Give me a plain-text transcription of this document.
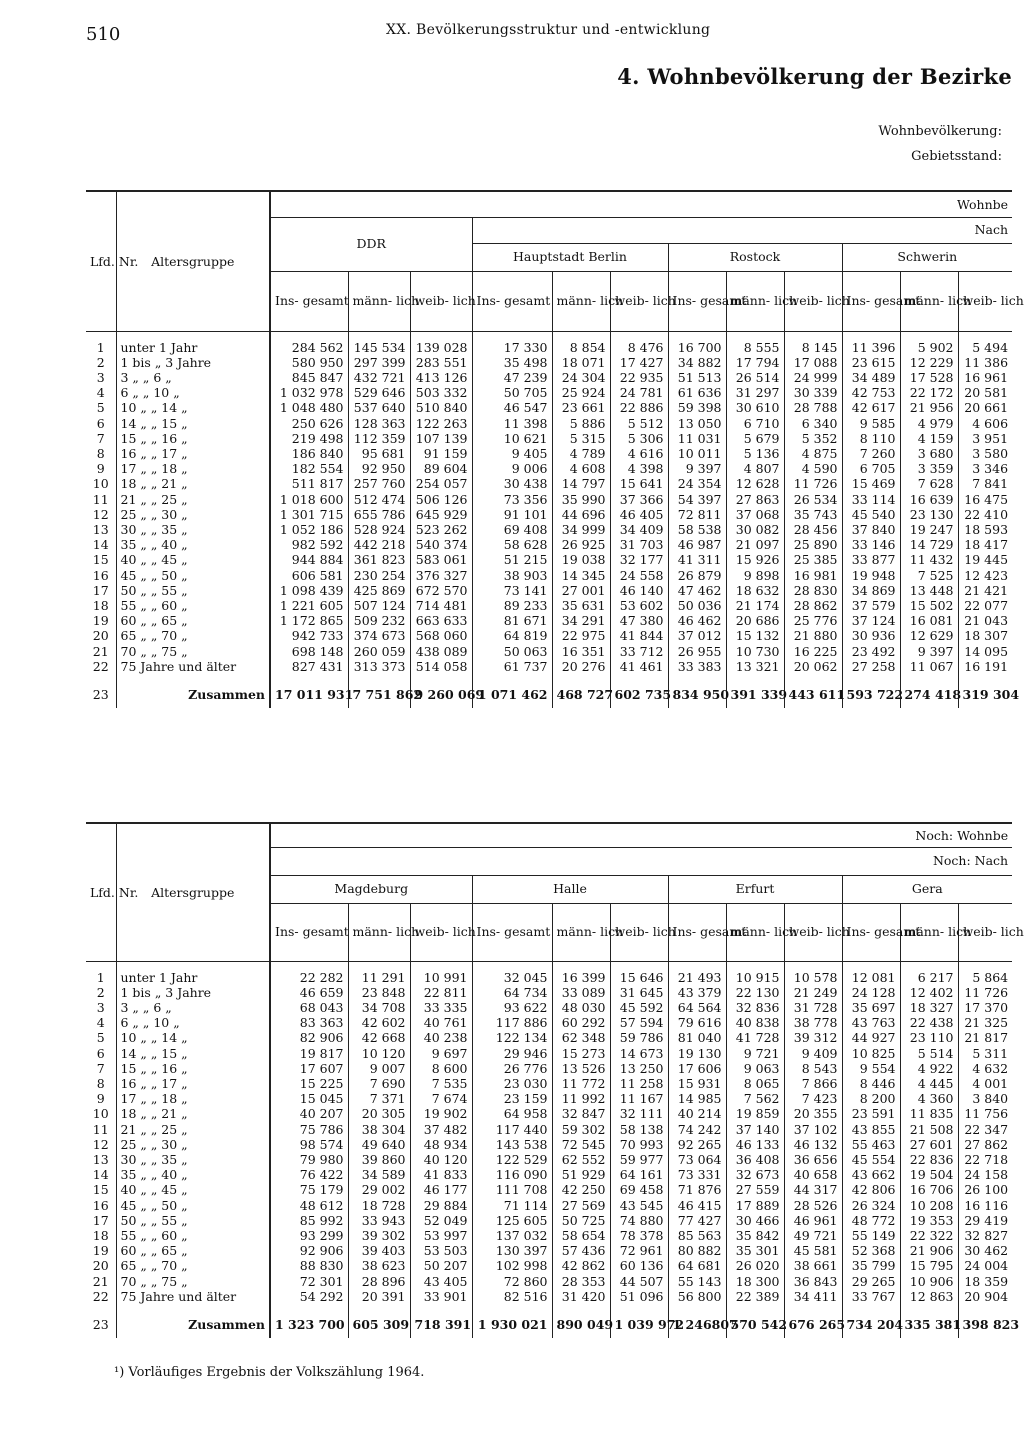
510	XX. Bevölkerungsstruktur und -entwicklung
4. Wohnbevölkerung der Bezirke
Wohnbevölkerung:
Gebietsstand:
Lfd. Nr.	Altersgruppe	Wohnbe											
		DDR			Nach								
					Hauptstadt Berlin			Rostock			Schwerin		
		Ins- gesamt	männ- lich	weib- lich	Ins- gesamt	männ- lich	weib- lich	Ins- gesamt	männ- lich	weib- lich	Ins- gesamt	männ- lich	weib- lich

1	unter 1 Jahr	284 562	145 534	139 028	17 330	8 854	8 476	16 700	8 555	8 145	11 396	5 902	5 494
2	1 bis „ 3 Jahre	580 950	297 399	283 551	35 498	18 071	17 427	34 882	17 794	17 088	23 615	12 229	11 386
3	3 „ „ 6 „	845 847	432 721	413 126	47 239	24 304	22 935	51 513	26 514	24 999	34 489	17 528	16 961
4	6 „ „ 10 „	1 032 978	529 646	503 332	50 705	25 924	24 781	61 636	31 297	30 339	42 753	22 172	20 581
5	10 „ „ 14 „	1 048 480	537 640	510 840	46 547	23 661	22 886	59 398	30 610	28 788	42 617	21 956	20 661
6	14 „ „ 15 „	250 626	128 363	122 263	11 398	5 886	5 512	13 050	6 710	6 340	9 585	4 979	4 606
7	15 „ „ 16 „	219 498	112 359	107 139	10 621	5 315	5 306	11 031	5 679	5 352	8 110	4 159	3 951
8	16 „ „ 17 „	186 840	95 681	91 159	9 405	4 789	4 616	10 011	5 136	4 875	7 260	3 680	3 580
9	17 „ „ 18 „	182 554	92 950	89 604	9 006	4 608	4 398	9 397	4 807	4 590	6 705	3 359	3 346
10	18 „ „ 21 „	511 817	257 760	254 057	30 438	14 797	15 641	24 354	12 628	11 726	15 469	7 628	7 841
11	21 „ „ 25 „	1 018 600	512 474	506 126	73 356	35 990	37 366	54 397	27 863	26 534	33 114	16 639	16 475
12	25 „ „ 30 „	1 301 715	655 786	645 929	91 101	44 696	46 405	72 811	37 068	35 743	45 540	23 130	22 410
13	30 „ „ 35 „	1 052 186	528 924	523 262	69 408	34 999	34 409	58 538	30 082	28 456	37 840	19 247	18 593
14	35 „ „ 40 „	982 592	442 218	540 374	58 628	26 925	31 703	46 987	21 097	25 890	33 146	14 729	18 417
15	40 „ „ 45 „	944 884	361 823	583 061	51 215	19 038	32 177	41 311	15 926	25 385	33 877	11 432	19 445
16	45 „ „ 50 „	606 581	230 254	376 327	38 903	14 345	24 558	26 879	9 898	16 981	19 948	7 525	12 423
17	50 „ „ 55 „	1 098 439	425 869	672 570	73 141	27 001	46 140	47 462	18 632	28 830	34 869	13 448	21 421
18	55 „ „ 60 „	1 221 605	507 124	714 481	89 233	35 631	53 602	50 036	21 174	28 862	37 579	15 502	22 077
19	60 „ „ 65 „	1 172 865	509 232	663 633	81 671	34 291	47 380	46 462	20 686	25 776	37 124	16 081	21 043
20	65 „ „ 70 „	942 733	374 673	568 060	64 819	22 975	41 844	37 012	15 132	21 880	30 936	12 629	18 307
21	70 „ „ 75 „	698 148	260 059	438 089	50 063	16 351	33 712	26 955	10 730	16 225	23 492	9 397	14 095
22	75 Jahre und älter	827 431	313 373	514 058	61 737	20 276	41 461	33 383	13 321	20 062	27 258	11 067	16 191

23	Zusammen	17 011 931	7 751 862	9 260 069	1 071 462	468 727	602 735	834 950	391 339	443 611	593 722	274 418	319 304
Lfd. Nr.	Altersgruppe	Noch: Wohnbe											
		Noch: Nach											
		Magdeburg			Halle			Erfurt			Gera		
		Ins- gesamt	männ- lich	weib- lich	Ins- gesamt	männ- lich	weib- lich	Ins- gesamt	männ- lich	weib- lich	Ins- gesamt	männ- lich	weib- lich

1	unter 1 Jahr	22 282	11 291	10 991	32 045	16 399	15 646	21 493	10 915	10 578	12 081	6 217	5 864
2	1 bis „ 3 Jahre	46 659	23 848	22 811	64 734	33 089	31 645	43 379	22 130	21 249	24 128	12 402	11 726
3	3 „ „ 6 „	68 043	34 708	33 335	93 622	48 030	45 592	64 564	32 836	31 728	35 697	18 327	17 370
4	6 „ „ 10 „	83 363	42 602	40 761	117 886	60 292	57 594	79 616	40 838	38 778	43 763	22 438	21 325
5	10 „ „ 14 „	82 906	42 668	40 238	122 134	62 348	59 786	81 040	41 728	39 312	44 927	23 110	21 817
6	14 „ „ 15 „	19 817	10 120	9 697	29 946	15 273	14 673	19 130	9 721	9 409	10 825	5 514	5 311
7	15 „ „ 16 „	17 607	9 007	8 600	26 776	13 526	13 250	17 606	9 063	8 543	9 554	4 922	4 632
8	16 „ „ 17 „	15 225	7 690	7 535	23 030	11 772	11 258	15 931	8 065	7 866	8 446	4 445	4 001
9	17 „ „ 18 „	15 045	7 371	7 674	23 159	11 992	11 167	14 985	7 562	7 423	8 200	4 360	3 840
10	18 „ „ 21 „	40 207	20 305	19 902	64 958	32 847	32 111	40 214	19 859	20 355	23 591	11 835	11 756
11	21 „ „ 25 „	75 786	38 304	37 482	117 440	59 302	58 138	74 242	37 140	37 102	43 855	21 508	22 347
12	25 „ „ 30 „	98 574	49 640	48 934	143 538	72 545	70 993	92 265	46 133	46 132	55 463	27 601	27 862
13	30 „ „ 35 „	79 980	39 860	40 120	122 529	62 552	59 977	73 064	36 408	36 656	45 554	22 836	22 718
14	35 „ „ 40 „	76 422	34 589	41 833	116 090	51 929	64 161	73 331	32 673	40 658	43 662	19 504	24 158
15	40 „ „ 45 „	75 179	29 002	46 177	111 708	42 250	69 458	71 876	27 559	44 317	42 806	16 706	26 100
16	45 „ „ 50 „	48 612	18 728	29 884	71 114	27 569	43 545	46 415	17 889	28 526	26 324	10 208	16 116
17	50 „ „ 55 „	85 992	33 943	52 049	125 605	50 725	74 880	77 427	30 466	46 961	48 772	19 353	29 419
18	55 „ „ 60 „	93 299	39 302	53 997	137 032	58 654	78 378	85 563	35 842	49 721	55 149	22 322	32 827
19	60 „ „ 65 „	92 906	39 403	53 503	130 397	57 436	72 961	80 882	35 301	45 581	52 368	21 906	30 462
20	65 „ „ 70 „	88 830	38 623	50 207	102 998	42 862	60 136	64 681	26 020	38 661	35 799	15 795	24 004
21	70 „ „ 75 „	72 301	28 896	43 405	72 860	28 353	44 507	55 143	18 300	36 843	29 265	10 906	18 359
22	75 Jahre und älter	54 292	20 391	33 901	82 516	31 420	51 096	56 800	22 389	34 411	33 767	12 863	20 904

23	Zusammen	1 323 700	605 309	718 391	1 930 021	890 049	1 039 972	1 246807	570 542	676 265	734 204	335 381	398 823
¹) Vorläufiges Ergebnis der Volkszählung 1964.
